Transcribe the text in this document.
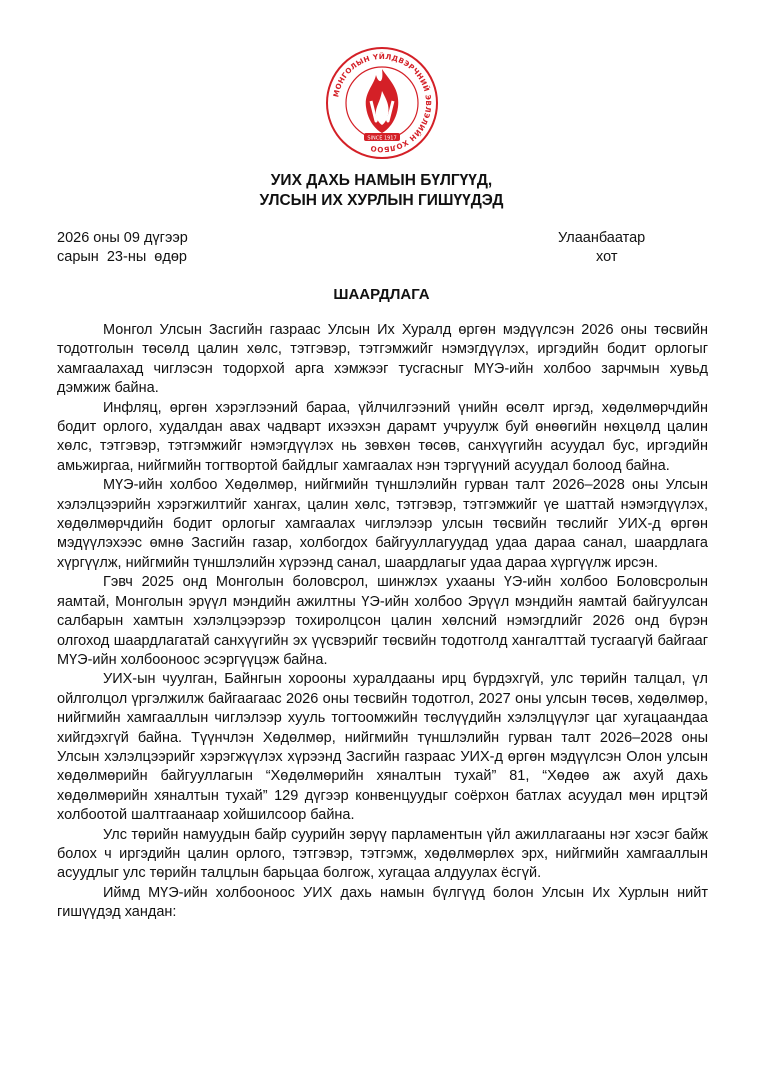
МОНГОЛЫН ҮЙЛДВЭРЧНИЙ ЭВЛЭЛИЙН ХОЛБОО
SINCE 1917
УИХ ДАХЬ НАМЫН БҮЛГҮҮД,
УЛСЫН ИХ ХУРЛЫН ГИШҮҮДЭД
2026 оны 09 дүгээр
сарын  23-ны  өдөр
Улаанбаатар
хот
ШААРДЛАГА

Монгол Улсын Засгийн газраас Улсын Их Хуралд өргөн мэдүүлсэн 2026 оны төсвийн тодотголын төсөлд цалин хөлс, тэтгэвэр, тэтгэмжийг нэмэгдүүлэх, иргэдийн бодит орлогыг хамгаалахад чиглэсэн тодорхой арга хэмжээг тусгасныг МҮЭ-ийн холбоо зарчмын хувьд дэмжиж байна.

Инфляц, өргөн хэрэглээний бараа, үйлчилгээний үнийн өсөлт иргэд, хөдөлмөрчдийн бодит орлого, худалдан авах чадварт ихээхэн дарамт учруулж буй өнөөгийн нөхцөлд цалин хөлс, тэтгэвэр, тэтгэмжийг нэмэгдүүлэх нь зөвхөн төсөв, санхүүгийн асуудал бус, иргэдийн амьжиргаа, нийгмийн тогтвортой байдлыг хамгаалах нэн тэргүүний асуудал болоод байна.

МҮЭ-ийн холбоо Хөдөлмөр, нийгмийн түншлэлийн гурван талт 2026–2028 оны Улсын хэлэлцээрийн хэрэгжилтийг хангах, цалин хөлс, тэтгэвэр, тэтгэмжийг үе шаттай нэмэгдүүлэх, хөдөлмөрчдийн бодит орлогыг хамгаалах чиглэлээр улсын төсвийн төслийг УИХ-д өргөн мэдүүлэхээс өмнө Засгийн газар, холбогдох байгууллагуудад удаа дараа санал, шаардлага хүргүүлж, нийгмийн түншлэлийн хүрээнд санал, шаардлагыг удаа дараа хүргүүлж ирсэн.

Гэвч 2025 онд Монголын боловсрол, шинжлэх ухааны ҮЭ-ийн холбоо Боловсролын яамтай, Монголын эрүүл мэндийн ажилтны ҮЭ-ийн холбоо Эрүүл мэндийн яамтай байгуулсан салбарын хамтын хэлэлцээрээр тохиролцсон цалин хөлсний нэмэгдлийг 2026 онд бүрэн олгоход шаардлагатай санхүүгийн эх үүсвэрийг төсвийн тодотголд хангалттай тусгаагүй байгааг МҮЭ-ийн холбооноос эсэргүүцэж байна.

УИХ-ын чуулган, Байнгын хорооны хуралдааны ирц бүрдэхгүй, улс төрийн талцал, үл ойлголцол үргэлжилж байгаагаас 2026 оны төсвийн тодотгол, 2027 оны улсын төсөв, хөдөлмөр, нийгмийн хамгааллын чиглэлээр хууль тогтоомжийн төслүүдийн хэлэлцүүлэг цаг хугацаандаа хийгдэхгүй байна. Түүнчлэн Хөдөлмөр, нийгмийн түншлэлийн гурван талт 2026–2028 оны Улсын хэлэлцээрийг хэрэгжүүлэх хүрээнд Засгийн газраас УИХ-д өргөн мэдүүлсэн Олон улсын хөдөлмөрийн байгууллагын “Хөдөлмөрийн хяналтын тухай” 81, “Хөдөө аж ахуй дахь хөдөлмөрийн хяналтын тухай” 129 дүгээр конвенцуудыг соёрхон батлах асуудал мөн ирцтэй холбоотой шалтгаанаар хойшилсоор байна.

Улс төрийн намуудын байр суурийн зөрүү парламентын үйл ажиллагааны нэг хэсэг байж болох ч иргэдийн цалин орлого, тэтгэвэр, тэтгэмж, хөдөлмөрлөх эрх, нийгмийн хамгааллын асуудлыг улс төрийн талцлын барьцаа болгож, хугацаа алдуулах ёсгүй.

Иймд МҮЭ-ийн холбооноос УИХ дахь намын бүлгүүд болон Улсын Их Хурлын нийт гишүүдэд хандан:
